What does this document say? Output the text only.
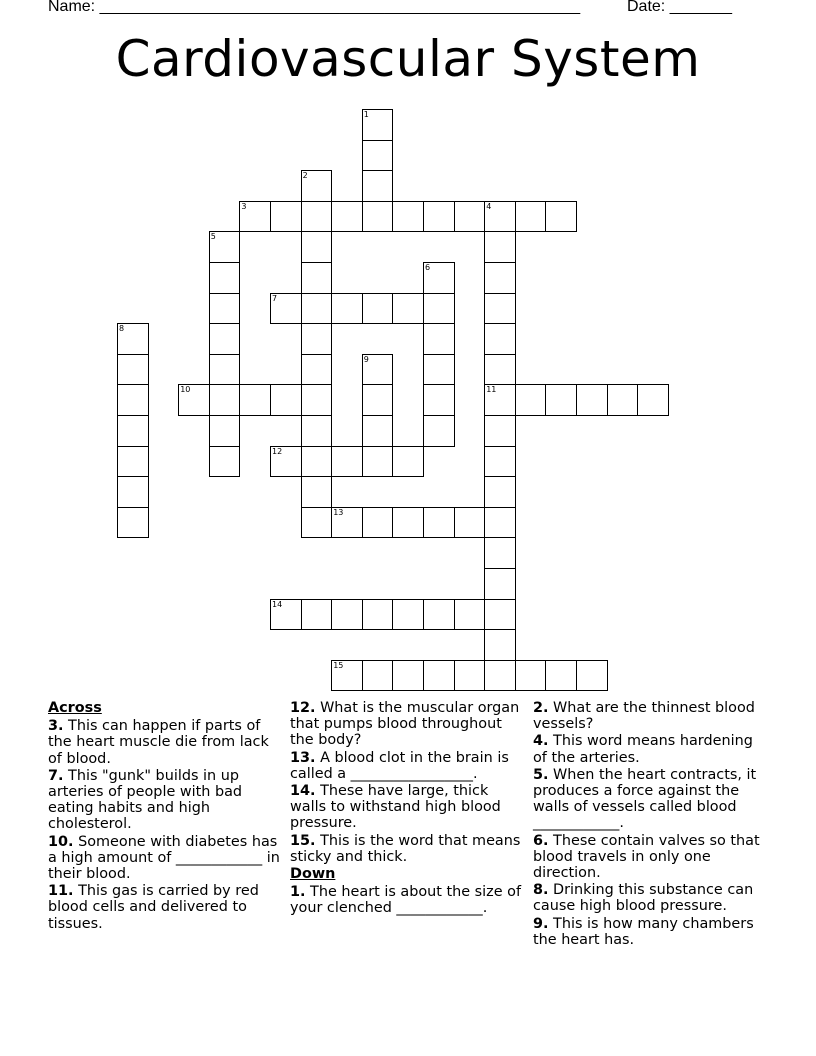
Name: ______________________________________________________	Date: _______
Cardiovascular System
3	4
7
10	11
12
13
14
15
1
2
5
6
8
9
Across
3. This can happen if parts of the heart muscle die from lack of blood.
7. This "gunk" builds in up arteries of people with bad eating habits and high cholesterol.
10. Someone with diabetes has a high amount of ____________ in their blood.
11. This gas is carried by red blood cells and delivered to tissues.
12. What is the muscular organ that pumps blood throughout the body?
13. A blood clot in the brain is called a _________________.
14. These have large, thick walls to withstand high blood pressure.
15. This is the word that means sticky and thick.
Down
1. The heart is about the size of your clenched ____________.
2. What are the thinnest blood vessels?
4. This word means hardening of the arteries.
5. When the heart contracts, it produces a force against the walls of vessels called blood ____________.
6. These contain valves so that blood travels in only one direction.
8. Drinking this substance can cause high blood pressure.
9. This is how many chambers the heart has.
